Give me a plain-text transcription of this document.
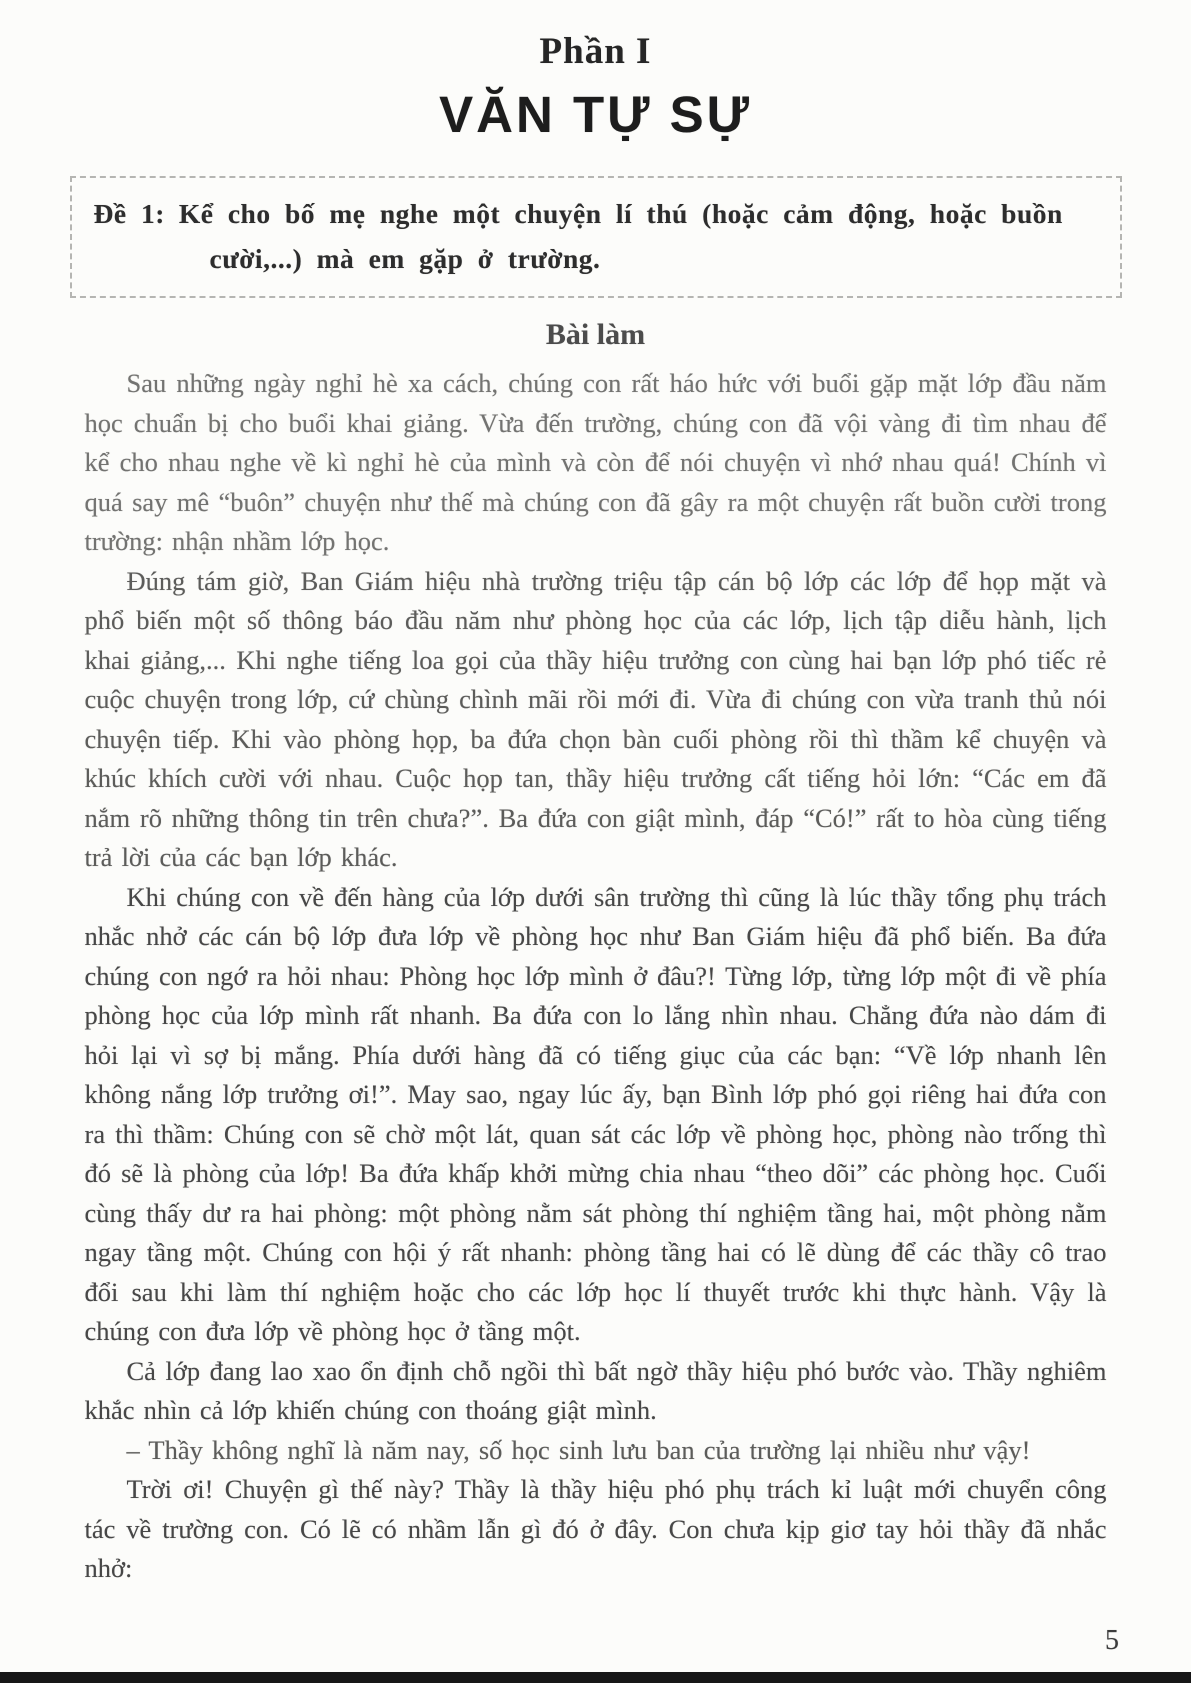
Phần I
VĂN TỰ SỰ

Đề 1: Kể cho bố mẹ nghe một chuyện lí thú (hoặc cảm động, hoặc buồn cười,...) mà em gặp ở trường.

Bài làm

Sau những ngày nghỉ hè xa cách, chúng con rất háo hức với buổi gặp mặt lớp đầu năm học chuẩn bị cho buổi khai giảng. Vừa đến trường, chúng con đã vội vàng đi tìm nhau để kể cho nhau nghe về kì nghỉ hè của mình và còn để nói chuyện vì nhớ nhau quá! Chính vì quá say mê “buôn” chuyện như thế mà chúng con đã gây ra một chuyện rất buồn cười trong trường: nhận nhầm lớp học.

Đúng tám giờ, Ban Giám hiệu nhà trường triệu tập cán bộ lớp các lớp để họp mặt và phổ biến một số thông báo đầu năm như phòng học của các lớp, lịch tập diễu hành, lịch khai giảng,... Khi nghe tiếng loa gọi của thầy hiệu trưởng con cùng hai bạn lớp phó tiếc rẻ cuộc chuyện trong lớp, cứ chùng chình mãi rồi mới đi. Vừa đi chúng con vừa tranh thủ nói chuyện tiếp. Khi vào phòng họp, ba đứa chọn bàn cuối phòng rồi thì thầm kể chuyện và khúc khích cười với nhau. Cuộc họp tan, thầy hiệu trưởng cất tiếng hỏi lớn: “Các em đã nắm rõ những thông tin trên chưa?”. Ba đứa con giật mình, đáp “Có!” rất to hòa cùng tiếng trả lời của các bạn lớp khác.

Khi chúng con về đến hàng của lớp dưới sân trường thì cũng là lúc thầy tổng phụ trách nhắc nhở các cán bộ lớp đưa lớp về phòng học như Ban Giám hiệu đã phổ biến. Ba đứa chúng con ngớ ra hỏi nhau: Phòng học lớp mình ở đâu?! Từng lớp, từng lớp một đi về phía phòng học của lớp mình rất nhanh. Ba đứa con lo lắng nhìn nhau. Chẳng đứa nào dám đi hỏi lại vì sợ bị mắng. Phía dưới hàng đã có tiếng giục của các bạn: “Về lớp nhanh lên không nắng lớp trưởng ơi!”. May sao, ngay lúc ấy, bạn Bình lớp phó gọi riêng hai đứa con ra thì thầm: Chúng con sẽ chờ một lát, quan sát các lớp về phòng học, phòng nào trống thì đó sẽ là phòng của lớp! Ba đứa khấp khởi mừng chia nhau “theo dõi” các phòng học. Cuối cùng thấy dư ra hai phòng: một phòng nằm sát phòng thí nghiệm tầng hai, một phòng nằm ngay tầng một. Chúng con hội ý rất nhanh: phòng tầng hai có lẽ dùng để các thầy cô trao đổi sau khi làm thí nghiệm hoặc cho các lớp học lí thuyết trước khi thực hành. Vậy là chúng con đưa lớp về phòng học ở tầng một.

Cả lớp đang lao xao ổn định chỗ ngồi thì bất ngờ thầy hiệu phó bước vào. Thầy nghiêm khắc nhìn cả lớp khiến chúng con thoáng giật mình.

– Thầy không nghĩ là năm nay, số học sinh lưu ban của trường lại nhiều như vậy!

Trời ơi! Chuyện gì thế này? Thầy là thầy hiệu phó phụ trách kỉ luật mới chuyển công tác về trường con. Có lẽ có nhầm lẫn gì đó ở đây. Con chưa kịp giơ tay hỏi thầy đã nhắc nhở:

5
